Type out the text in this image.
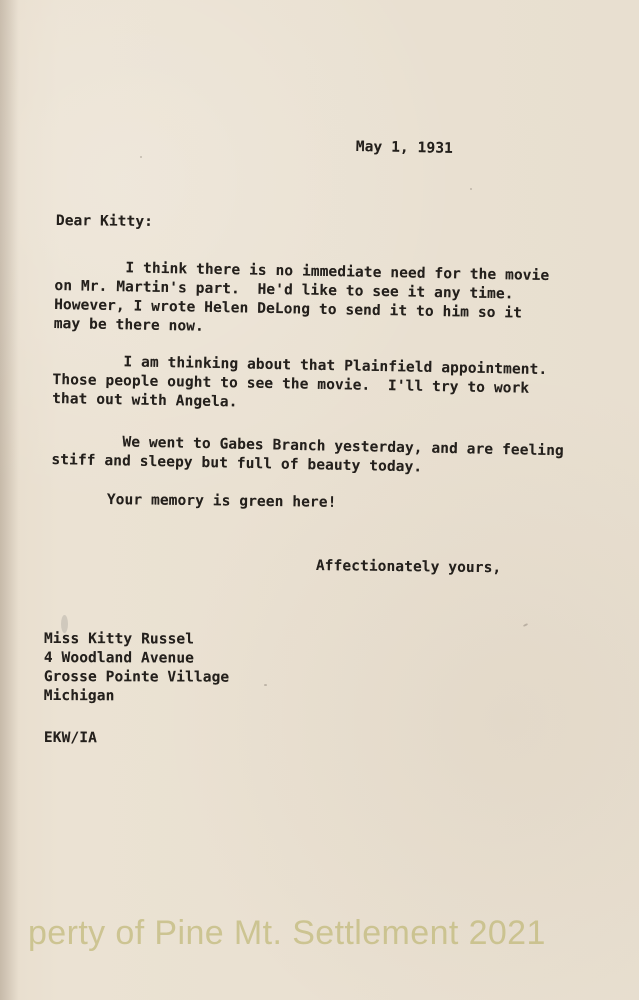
May 1, 1931
Dear Kitty:
I think there is no immediate need for the movie
on Mr. Martin's part.  He'd like to see it any time.
However, I wrote Helen DeLong to send it to him so it
may be there now.
I am thinking about that Plainfield appointment.
Those people ought to see the movie.  I'll try to work
that out with Angela.
We went to Gabes Branch yesterday, and are feeling
stiff and sleepy but full of beauty today.
Your memory is green here!
Affectionately yours,
Miss Kitty Russel
4 Woodland Avenue
Grosse Pointe Village
Michigan
EKW/IA
perty of Pine Mt. Settlement 2021
